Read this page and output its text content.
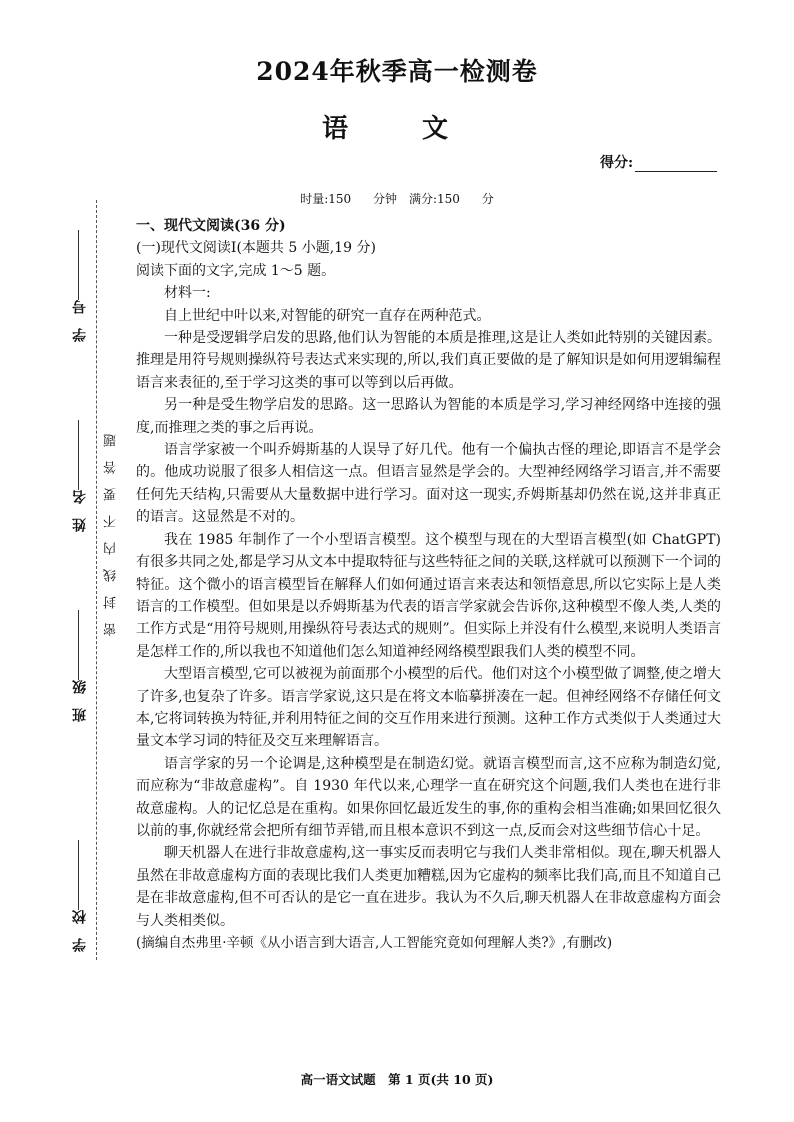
学　校
班　级
姓　名
学　号
密封线内不要答题
2024年秋季高一检测卷
语　文
得分:
时量:150 分钟　满分:150 分

一、现代文阅读(36 分)

(一)现代文阅读Ⅰ(本题共 5 小题,19 分)

阅读下面的文字,完成 1～5 题。

材料一:

自上世纪中叶以来,对智能的研究一直存在两种范式。

一种是受逻辑学启发的思路,他们认为智能的本质是推理,这是让人类如此特别的关键因素。推理是用符号规则操纵符号表达式来实现的,所以,我们真正要做的是了解知识是如何用逻辑编程语言来表征的,至于学习这类的事可以等到以后再做。

另一种是受生物学启发的思路。这一思路认为智能的本质是学习,学习神经网络中连接的强度,而推理之类的事之后再说。

语言学家被一个叫乔姆斯基的人误导了好几代。他有一个偏执古怪的理论,即语言不是学会的。他成功说服了很多人相信这一点。但语言显然是学会的。大型神经网络学习语言,并不需要任何先天结构,只需要从大量数据中进行学习。面对这一现实,乔姆斯基却仍然在说,这并非真正的语言。这显然是不对的。

我在 1985 年制作了一个小型语言模型。这个模型与现在的大型语言模型(如 ChatGPT)有很多共同之处,都是学习从文本中提取特征与这些特征之间的关联,这样就可以预测下一个词的特征。这个微小的语言模型旨在解释人们如何通过语言来表达和领悟意思,所以它实际上是人类语言的工作模型。但如果是以乔姆斯基为代表的语言学家就会告诉你,这种模型不像人类,人类的工作方式是“用符号规则,用操纵符号表达式的规则”。但实际上并没有什么模型,来说明人类语言是怎样工作的,所以我也不知道他们怎么知道神经网络模型跟我们人类的模型不同。

大型语言模型,它可以被视为前面那个小模型的后代。他们对这个小模型做了调整,使之增大了许多,也复杂了许多。语言学家说,这只是在将文本临摹拼凑在一起。但神经网络不存储任何文本,它将词转换为特征,并利用特征之间的交互作用来进行预测。这种工作方式类似于人类通过大量文本学习词的特征及交互来理解语言。

语言学家的另一个论调是,这种模型是在制造幻觉。就语言模型而言,这不应称为制造幻觉,而应称为“非故意虚构”。自 1930 年代以来,心理学一直在研究这个问题,我们人类也在进行非故意虚构。人的记忆总是在重构。如果你回忆最近发生的事,你的重构会相当准确;如果回忆很久以前的事,你就经常会把所有细节弄错,而且根本意识不到这一点,反而会对这些细节信心十足。

聊天机器人在进行非故意虚构,这一事实反而表明它与我们人类非常相似。现在,聊天机器人虽然在非故意虚构方面的表现比我们人类更加糟糕,因为它虚构的频率比我们高,而且不知道自己是在非故意虚构,但不可否认的是它一直在进步。我认为不久后,聊天机器人在非故意虚构方面会与人类相类似。

(摘编自杰弗里·辛顿《从小语言到大语言,人工智能究竟如何理解人类?》,有删改)

高一语文试题　第 1 页(共 10 页)
